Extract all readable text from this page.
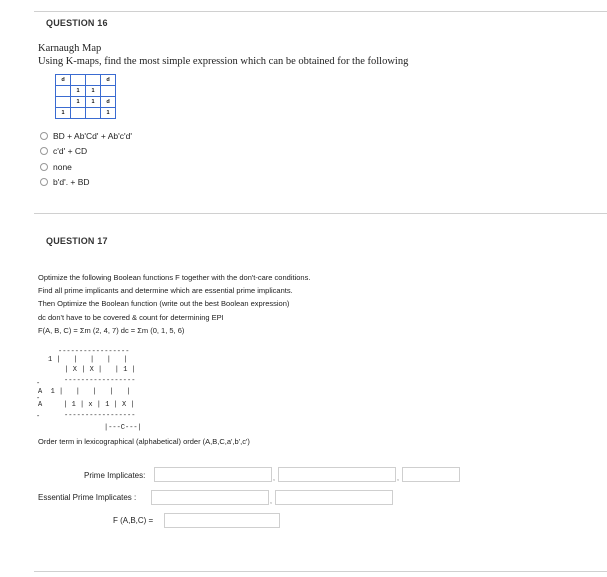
QUESTION 16
Karnaugh Map
Using K-maps, find the most simple expression which can be obtained for the following
d			d
	1	1	
	1	1	d
1			1
BD + Ab'Cd' + Ab'c'd'
c'd' + CD
none
b'd'. + BD
QUESTION 17
Optimize the following Boolean functions F together with the don't-care conditions.
Find all prime implicants and determine which are essential prime implicants.
Then Optimize the Boolean function (write out the best Boolean expression)
dc don't have to be covered & count for determining EPI
F(A, B, C) = Σm (2, 4, 7) dc = Σm (0, 1, 5, 6)
-----------------
1 |   |   |   |   |
| X | X |   | 1 |
-----------------
A  1 |   |   |   |   |
A     | 1 | x | 1 | X |
-----------------
|---C---|
-
-
-
Order term in lexicographical (alphabetical) order (A,B,C,a',b',c')
Prime Implicates:	,	,
Essential Prime Implicates :	,
F (A,B,C) =
